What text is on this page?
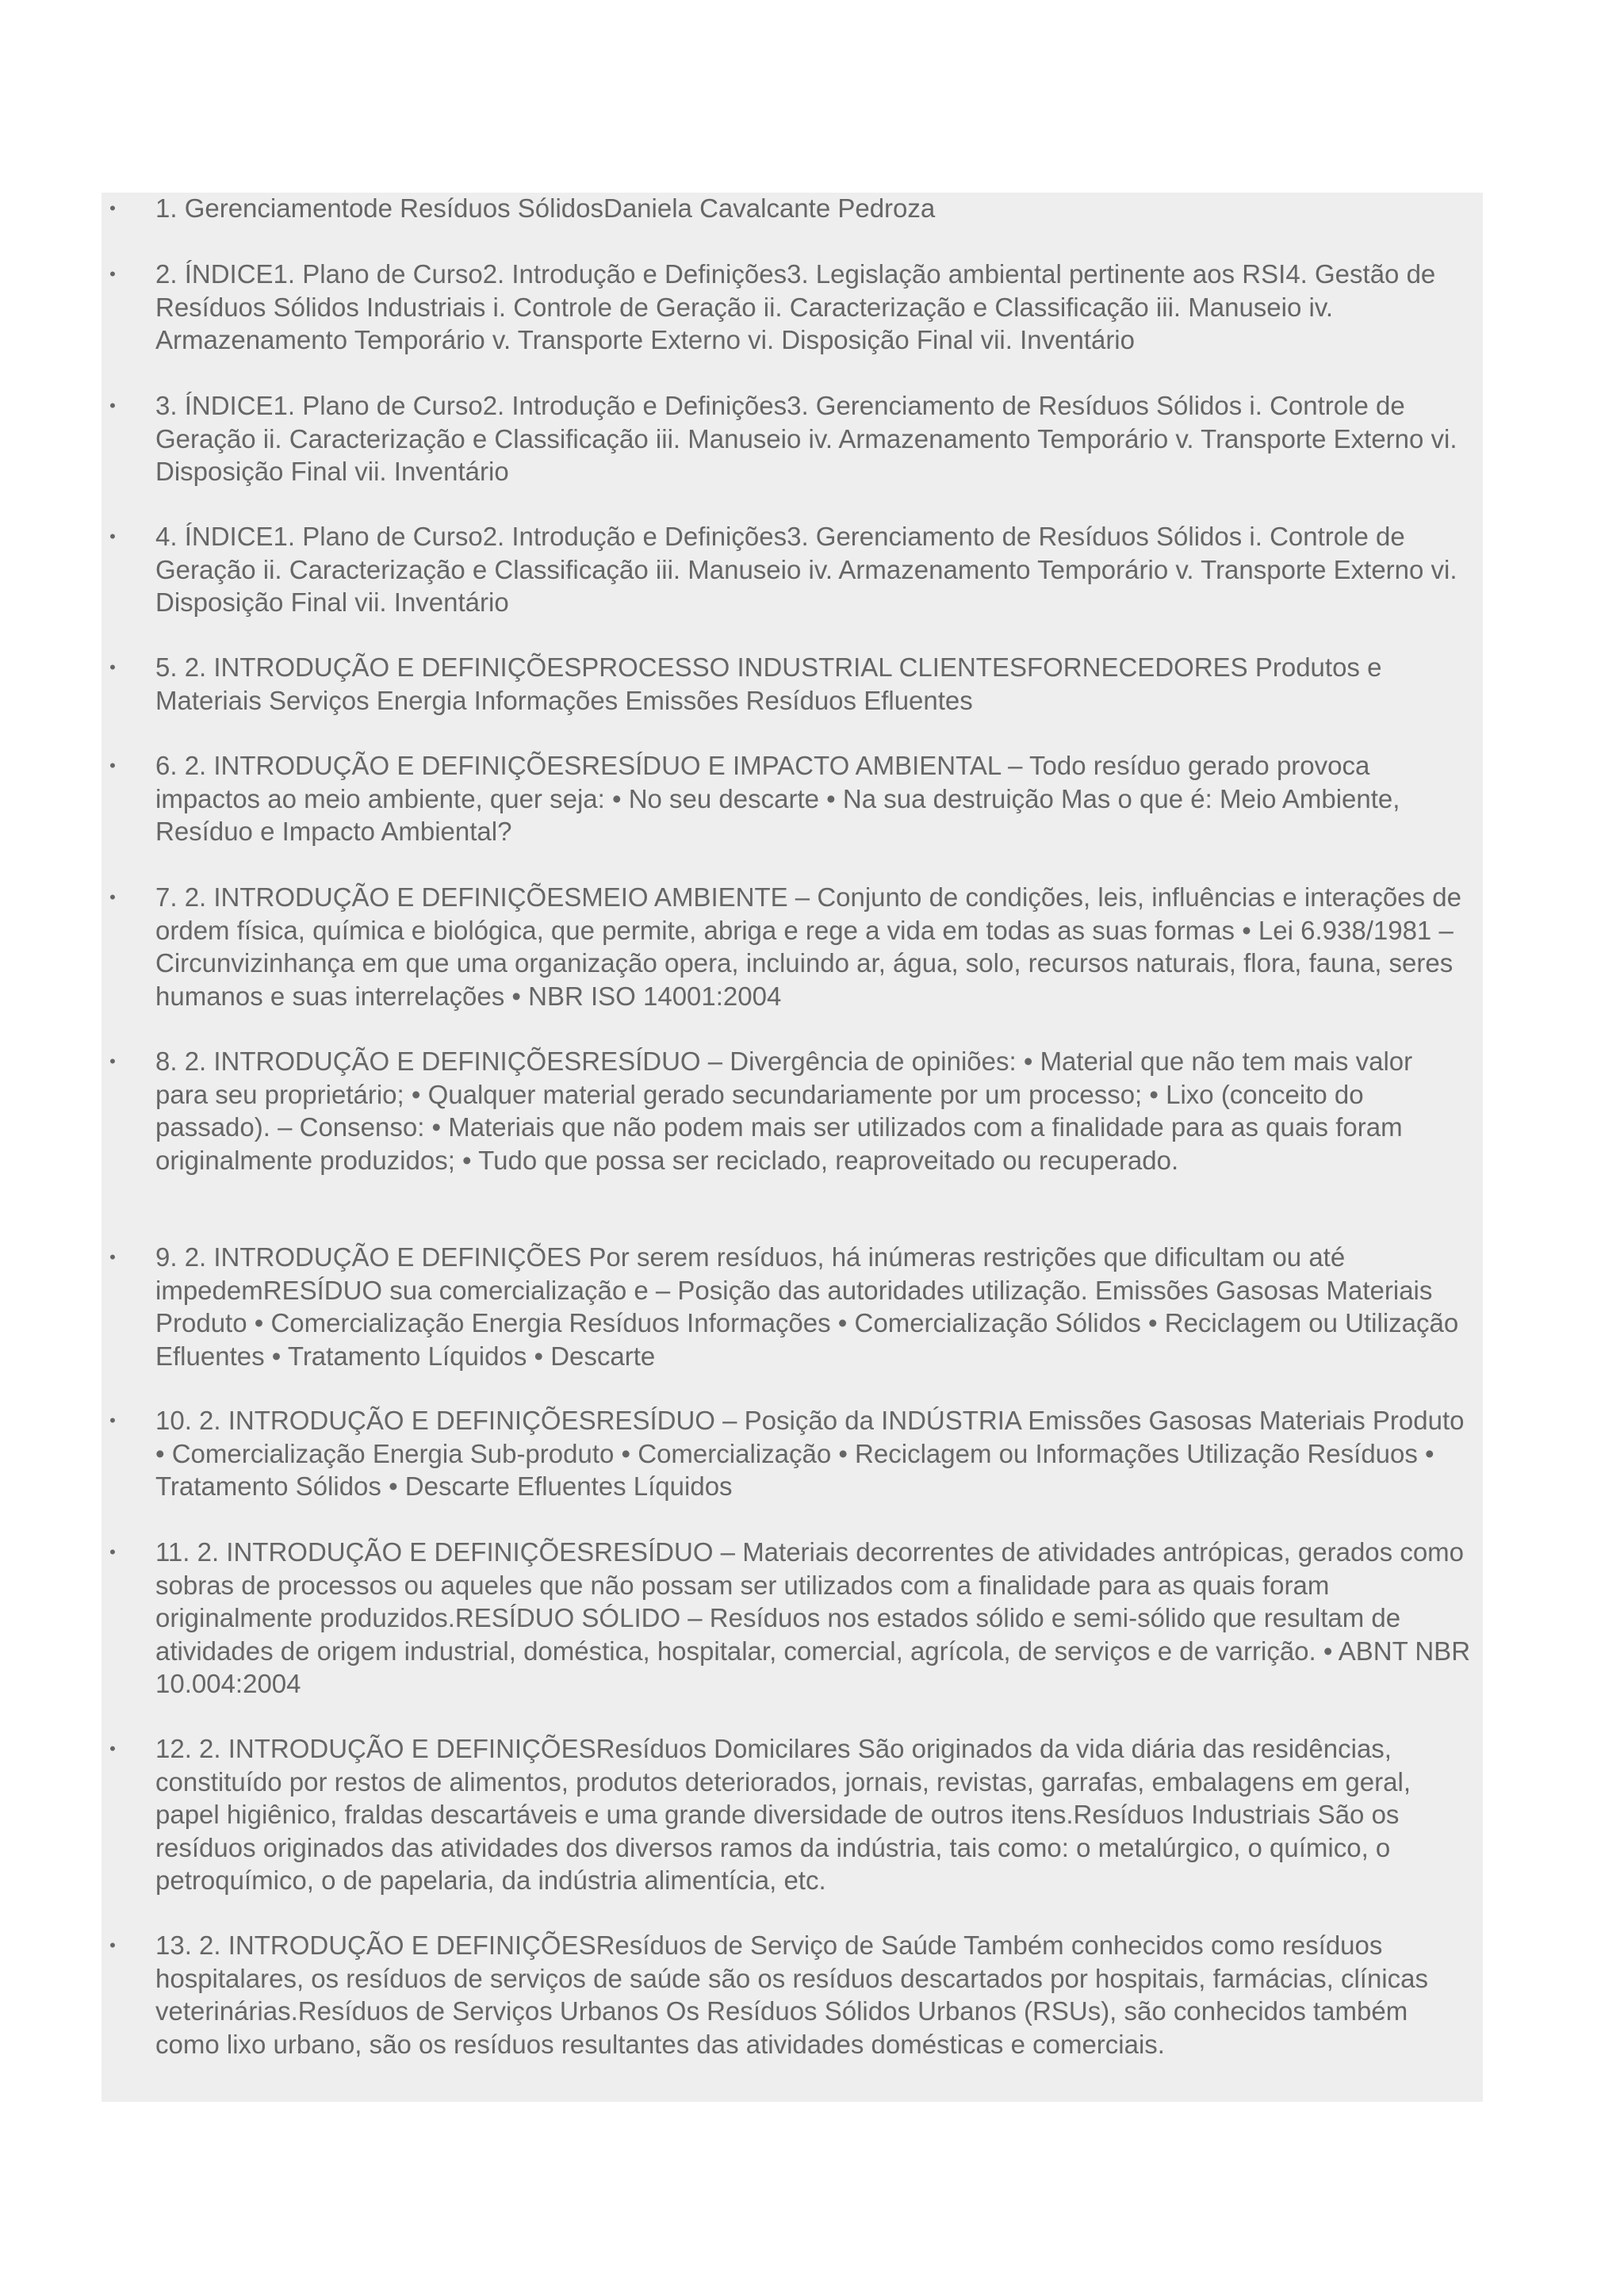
• 1. Gerenciamentode Resíduos SólidosDaniela Cavalcante Pedroza
• 2. ÍNDICE1. Plano de Curso2. Introdução e Definições3. Legislação ambiental pertinente aos RSI4. Gestão de Resíduos Sólidos Industriais i. Controle de Geração ii. Caracterização e Classificação iii. Manuseio iv. Armazenamento Temporário v. Transporte Externo vi. Disposição Final vii. Inventário
• 3. ÍNDICE1. Plano de Curso2. Introdução e Definições3. Gerenciamento de Resíduos Sólidos i. Controle de Geração ii. Caracterização e Classificação iii. Manuseio iv. Armazenamento Temporário v. Transporte Externo vi. Disposição Final vii. Inventário
• 4. ÍNDICE1. Plano de Curso2. Introdução e Definições3. Gerenciamento de Resíduos Sólidos i. Controle de Geração ii. Caracterização e Classificação iii. Manuseio iv. Armazenamento Temporário v. Transporte Externo vi. Disposição Final vii. Inventário
• 5. 2. INTRODUÇÃO E DEFINIÇÕESPROCESSO INDUSTRIAL CLIENTESFORNECEDORES Produtos e Materiais Serviços Energia Informações Emissões Resíduos Efluentes
• 6. 2. INTRODUÇÃO E DEFINIÇÕESRESÍDUO E IMPACTO AMBIENTAL – Todo resíduo gerado provoca impactos ao meio ambiente, quer seja: • No seu descarte • Na sua destruição Mas o que é: Meio Ambiente, Resíduo e Impacto Ambiental?
• 7. 2. INTRODUÇÃO E DEFINIÇÕESMEIO AMBIENTE – Conjunto de condições, leis, influências e interações de ordem física, química e biológica, que permite, abriga e rege a vida em todas as suas formas • Lei 6.938/1981 – Circunvizinhança em que uma organização opera, incluindo ar, água, solo, recursos naturais, flora, fauna, seres humanos e suas interrelações • NBR ISO 14001:2004
• 8. 2. INTRODUÇÃO E DEFINIÇÕESRESÍDUO – Divergência de opiniões: • Material que não tem mais valor para seu proprietário; • Qualquer material gerado secundariamente por um processo; • Lixo (conceito do passado). – Consenso: • Materiais que não podem mais ser utilizados com a finalidade para as quais foram originalmente produzidos; • Tudo que possa ser reciclado, reaproveitado ou recuperado.
• 9. 2. INTRODUÇÃO E DEFINIÇÕES Por serem resíduos, há inúmeras restrições que dificultam ou até impedemRESÍDUO sua comercialização e – Posição das autoridades utilização. Emissões Gasosas Materiais Produto • Comercialização Energia Resíduos Informações • Comercialização Sólidos • Reciclagem ou Utilização Efluentes • Tratamento Líquidos • Descarte
• 10. 2. INTRODUÇÃO E DEFINIÇÕESRESÍDUO – Posição da INDÚSTRIA Emissões Gasosas Materiais Produto • Comercialização Energia Sub-produto • Comercialização • Reciclagem ou Informações Utilização Resíduos • Tratamento Sólidos • Descarte Efluentes Líquidos
• 11. 2. INTRODUÇÃO E DEFINIÇÕESRESÍDUO – Materiais decorrentes de atividades antrópicas, gerados como sobras de processos ou aqueles que não possam ser utilizados com a finalidade para as quais foram originalmente produzidos.RESÍDUO SÓLIDO – Resíduos nos estados sólido e semi-sólido que resultam de atividades de origem industrial, doméstica, hospitalar, comercial, agrícola, de serviços e de varrição. • ABNT NBR 10.004:2004
• 12. 2. INTRODUÇÃO E DEFINIÇÕESResíduos Domicilares São originados da vida diária das residências, constituído por restos de alimentos, produtos deteriorados, jornais, revistas, garrafas, embalagens em geral, papel higiênico, fraldas descartáveis e uma grande diversidade de outros itens.Resíduos Industriais São os resíduos originados das atividades dos diversos ramos da indústria, tais como: o metalúrgico, o químico, o petroquímico, o de papelaria, da indústria alimentícia, etc.
• 13. 2. INTRODUÇÃO E DEFINIÇÕESResíduos de Serviço de Saúde Também conhecidos como resíduos hospitalares, os resíduos de serviços de saúde são os resíduos descartados por hospitais, farmácias, clínicas veterinárias.Resíduos de Serviços Urbanos Os Resíduos Sólidos Urbanos (RSUs), são conhecidos também como lixo urbano, são os resíduos resultantes das atividades domésticas e comerciais.
